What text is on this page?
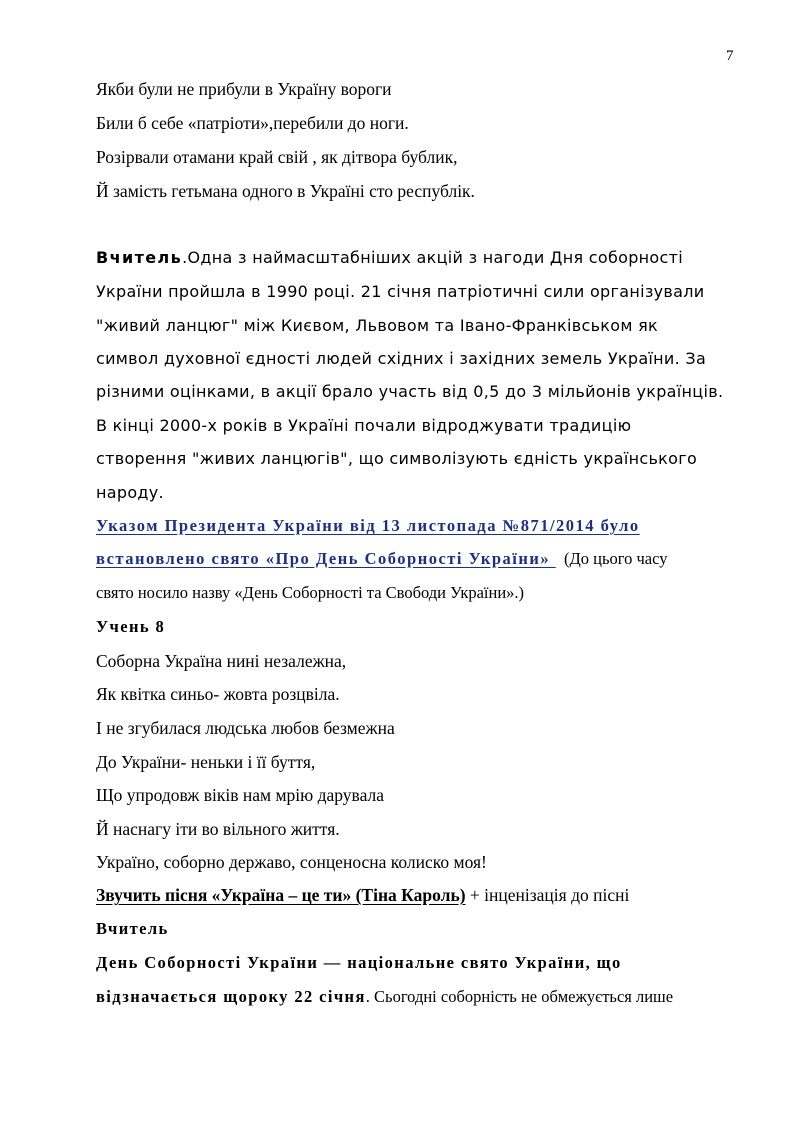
7
Якби були не прибули в Україну вороги
Били б себе «патріоти»,перебили до ноги.
Розірвали отамани край свій , як дітвора бублик,
Й замість гетьмана одного в Україні сто республік.
Вчитель.Одна з наймасштабніших акцій з нагоди Дня соборності
України пройшла в 1990 році. 21 січня патріотичні сили організували
"живий ланцюг" між Києвом, Львовом та Івано-Франківськом як
символ духовної єдності людей східних і західних земель України. За
різними оцінками, в акції брало участь від 0,5 до 3 мільйонів українців.
В кінці 2000-х років в Україні почали відроджувати традицію
створення "живих ланцюгів", що символізують єдність українського
народу.
Указом Президента України від 13 листопада №871/2014 було
встановлено свято «Про День Соборності України»   (До цього часу
свято носило назву «День Соборності та Свободи України».)
Учень 8
Соборна Україна нині незалежна,
Як квітка синьо- жовта розцвіла.
І не згубилася людська любов безмежна
До України- неньки і її буття,
Що упродовж віків нам мрію дарувала
Й наснагу іти во вільного життя.
Україно, соборно державо, сонценосна колиско моя!
Звучить пісня «Україна – це ти» (Тіна Кароль) + інценізація до пісні
Вчитель
День Соборності України — національне свято України, що
відзначається щороку 22 січня. Сьогодні соборність не обмежується лише
